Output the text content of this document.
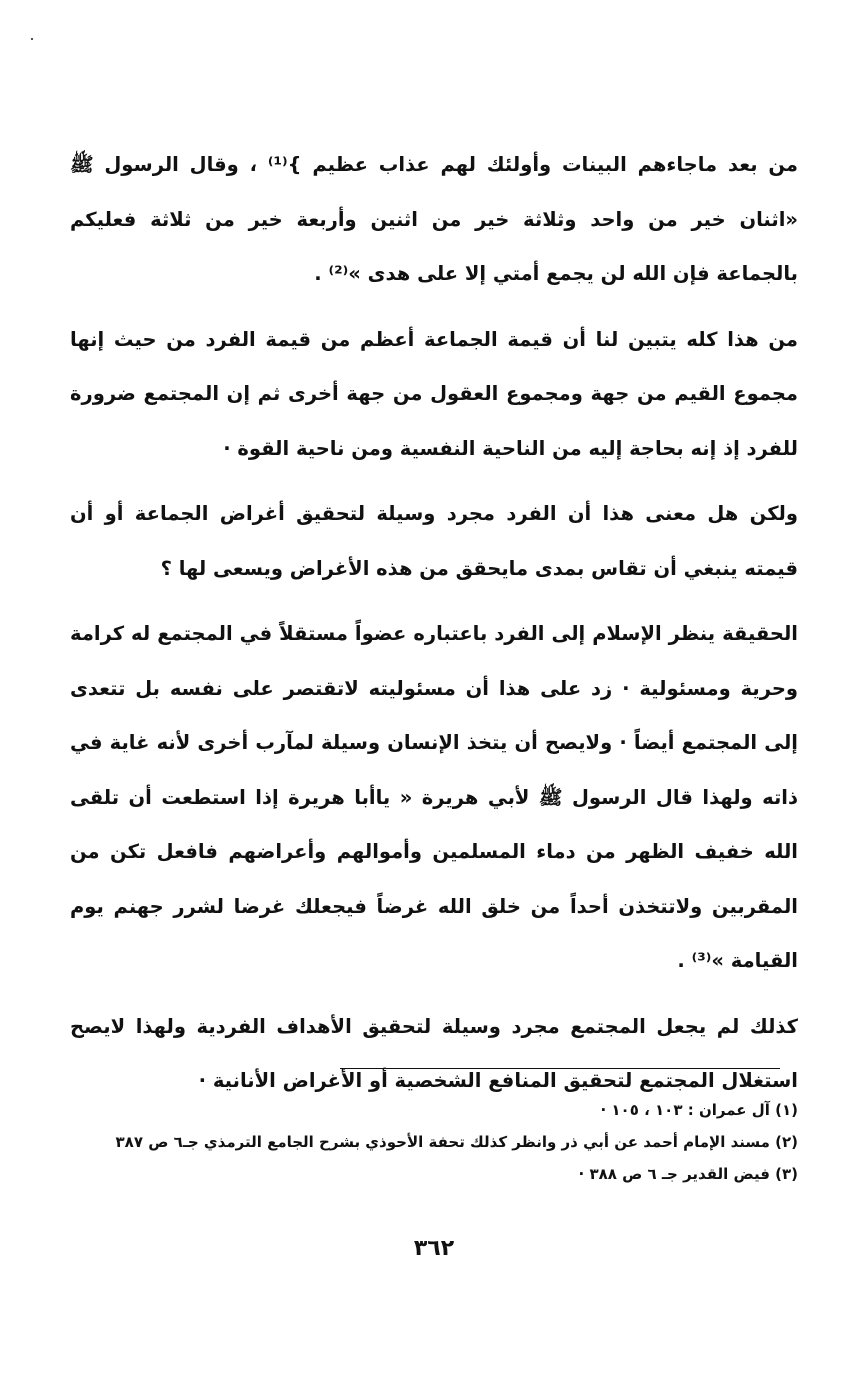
من بعد ماجاءهم البينات وأولئك لهم عذاب عظيم }⁽¹⁾ ، وقال الرسول ﷺ «اثنان خير من واحد وثلاثة خير من اثنين وأربعة خير من ثلاثة فعليكم بالجماعة فإن الله لن يجمع أمتي إلا على هدى »⁽²⁾ .

من هذا كله يتبين لنا أن قيمة الجماعة أعظم من قيمة الفرد من حيث إنها مجموع القيم من جهة ومجموع العقول من جهة أخرى ثم إن المجتمع ضرورة للفرد إذ إنه بحاجة إليه من الناحية النفسية ومن ناحية القوة ·

ولكن هل معنى هذا أن الفرد مجرد وسيلة لتحقيق أغراض الجماعة أو أن قيمته ينبغي أن تقاس بمدى مايحقق من هذه الأغراض ويسعى لها ؟

الحقيقة ينظر الإسلام إلى الفرد باعتباره عضواً مستقلاً في المجتمع له كرامة وحرية ومسئولية · زد على هذا أن مسئوليته لاتقتصر على نفسه بل تتعدى إلى المجتمع أيضاً · ولايصح أن يتخذ الإنسان وسيلة لمآرب أخرى لأنه غاية في ذاته ولهذا قال الرسول ﷺ لأبي هريرة « ياأبا هريرة إذا استطعت أن تلقى الله خفيف الظهر من دماء المسلمين وأموالهم وأعراضهم فافعل تكن من المقربين ولاتتخذن أحداً من خلق الله غرضاً فيجعلك غرضا لشرر جهنم يوم القيامة »⁽³⁾ .

كذلك لم يجعل المجتمع مجرد وسيلة لتحقيق الأهداف الفردية ولهذا لايصح استغلال المجتمع لتحقيق المنافع الشخصية أو الأغراض الأنانية ·

(١) آل عمران : ١٠٣ ، ١٠٥ ·
(٢) مسند الإمام أحمد عن أبي ذر وانظر كذلك تحفة الأحوذي بشرح الجامع الترمذي جـ٦ ص ٣٨٧
(٣) فيض القدير جـ ٦ ص ٣٨٨ ·
٣٦٢
